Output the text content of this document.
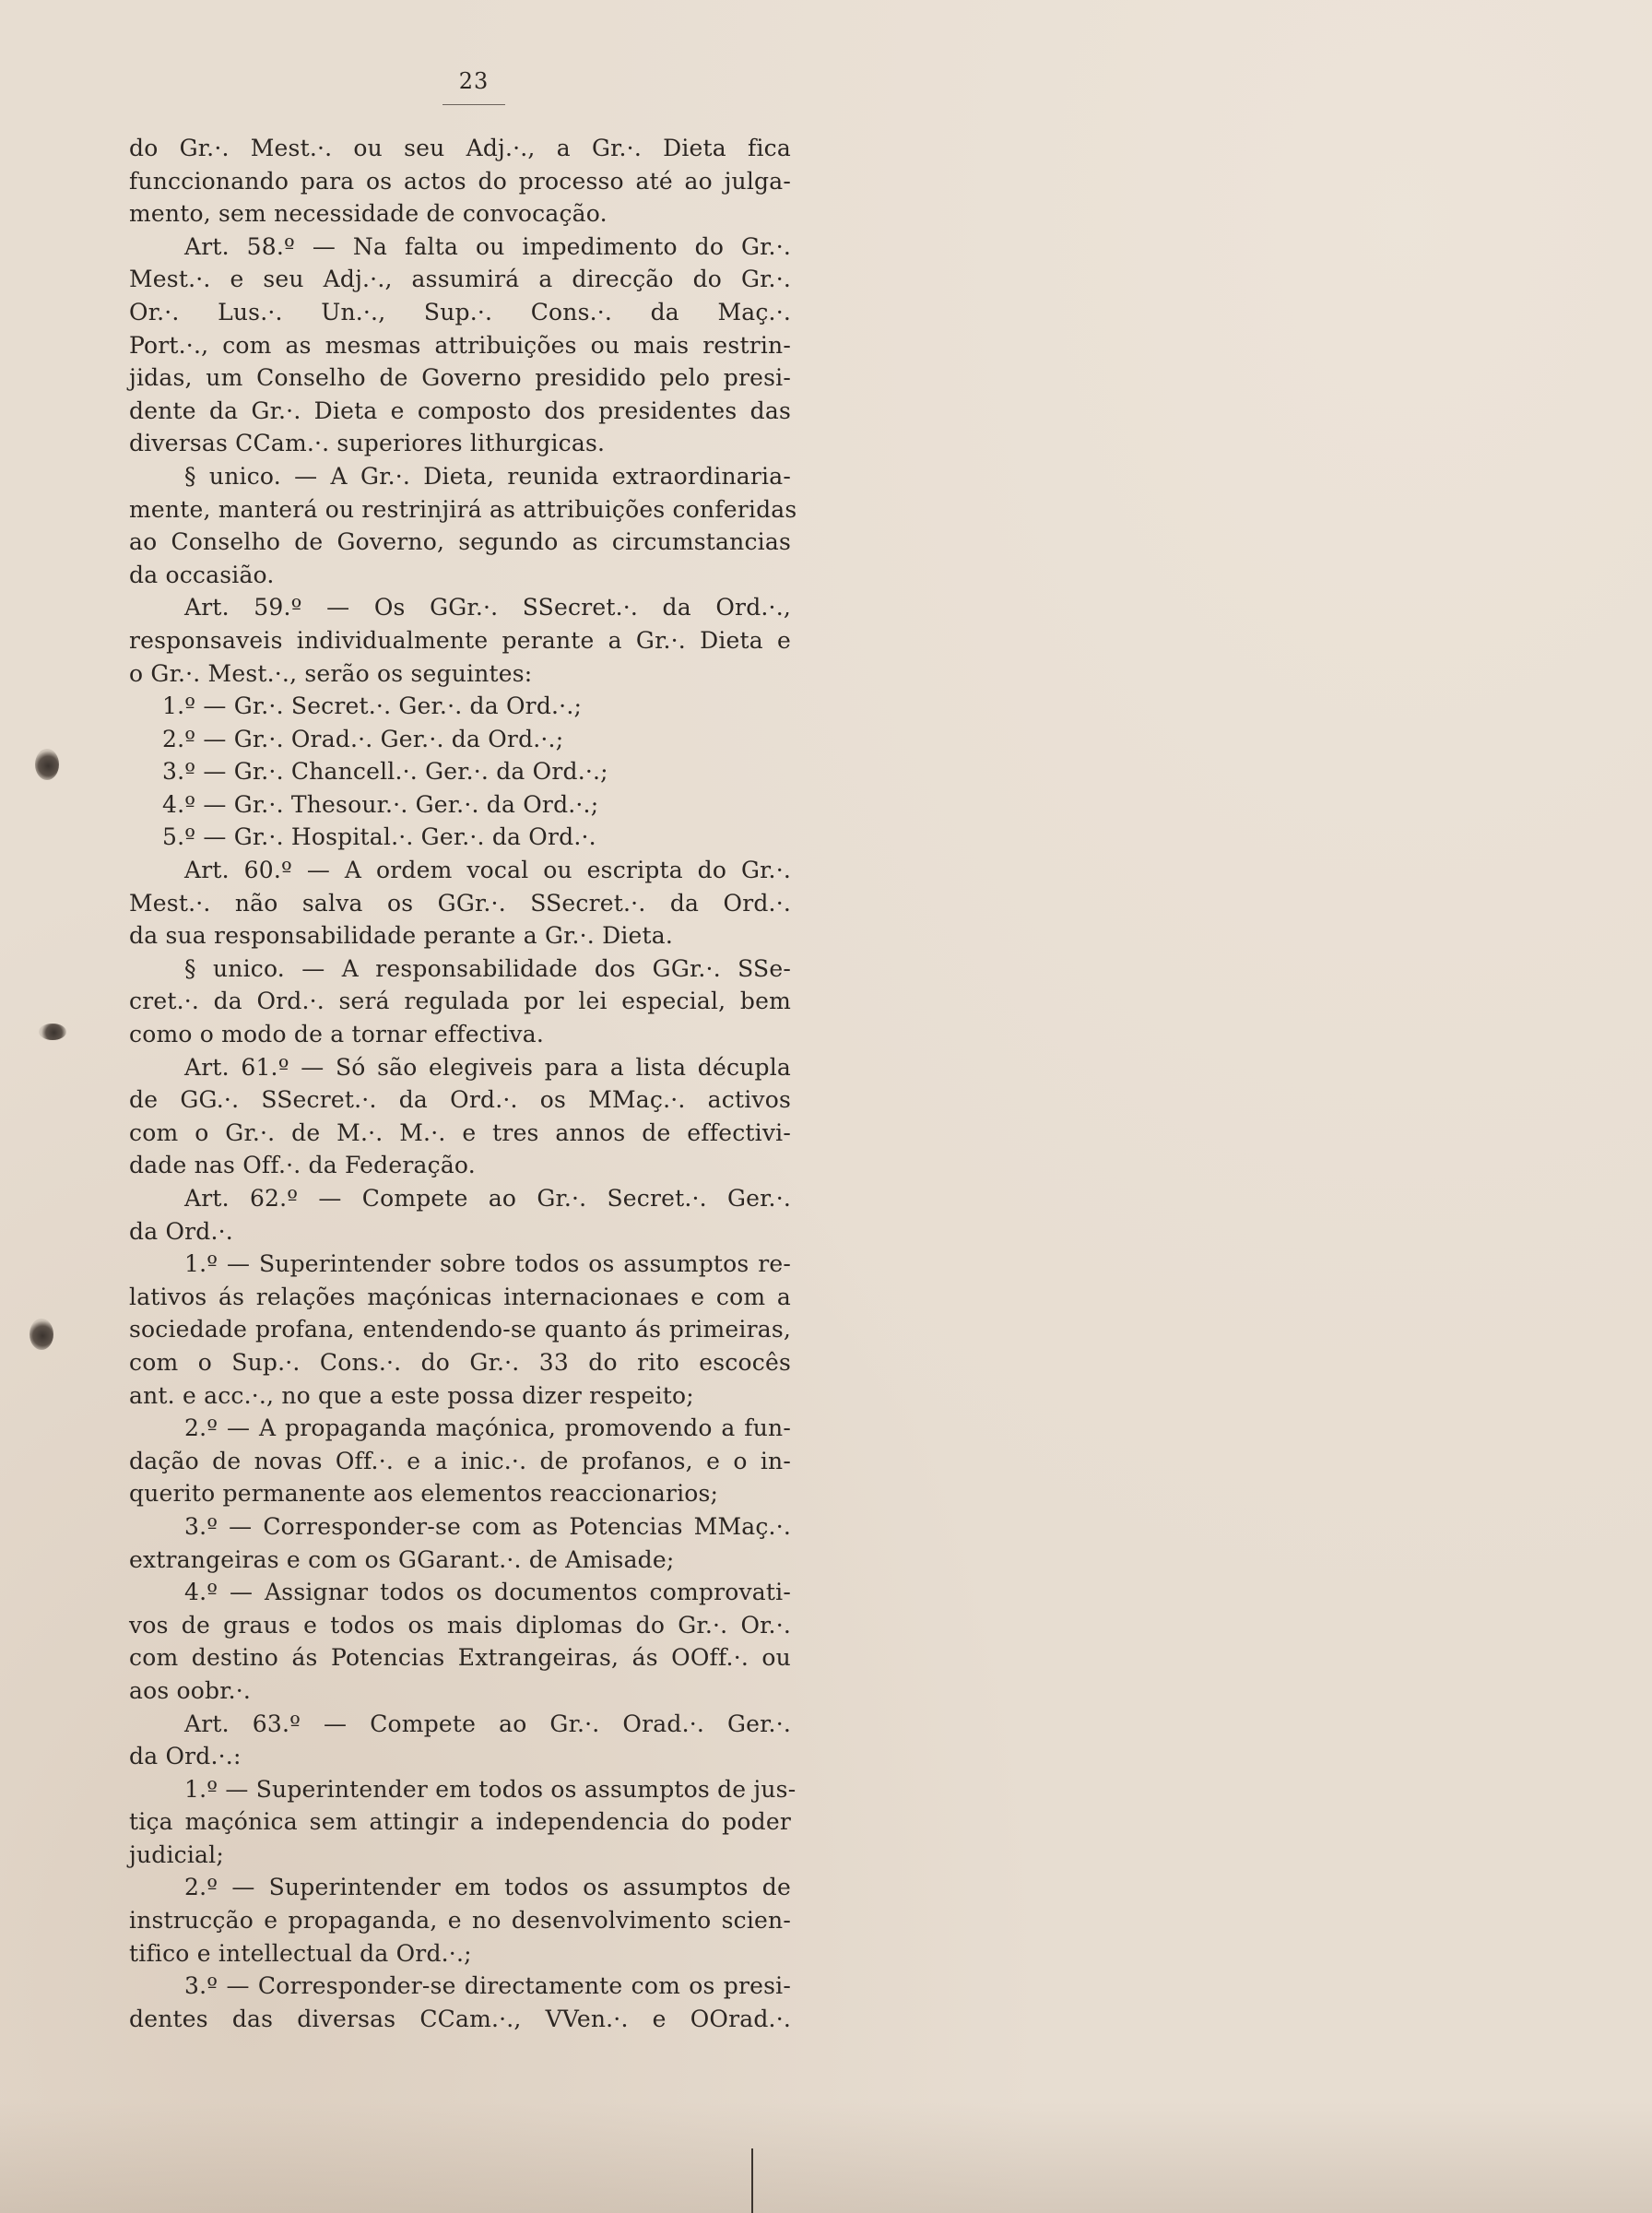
23
do Gr.·. Mest.·. ou seu Adj.·., a Gr.·. Dieta fica
funccionando para os actos do processo até ao julga-
mento, sem necessidade de convocação.
Art. 58.º — Na falta ou impedimento do Gr.·.
Mest.·. e seu Adj.·., assumirá a direcção do Gr.·.
Or.·. Lus.·. Un.·., Sup.·. Cons.·. da Maç.·.
Port.·., com as mesmas attribuições ou mais restrin-
jidas, um Conselho de Governo presidido pelo presi-
dente da Gr.·. Dieta e composto dos presidentes das
diversas CCam.·. superiores lithurgicas.
§ unico. — A Gr.·. Dieta, reunida extraordinaria-
mente, manterá ou restrinjirá as attribuições conferidas
ao Conselho de Governo, segundo as circumstancias
da occasião.
Art. 59.º — Os GGr.·. SSecret.·. da Ord.·.,
responsaveis individualmente perante a Gr.·. Dieta e
o Gr.·. Mest.·., serão os seguintes:
1.º — Gr.·. Secret.·. Ger.·. da Ord.·.;
2.º — Gr.·. Orad.·. Ger.·. da Ord.·.;
3.º — Gr.·. Chancell.·. Ger.·. da Ord.·.;
4.º — Gr.·. Thesour.·. Ger.·. da Ord.·.;
5.º — Gr.·. Hospital.·. Ger.·. da Ord.·.
Art. 60.º — A ordem vocal ou escripta do Gr.·.
Mest.·. não salva os GGr.·. SSecret.·. da Ord.·.
da sua responsabilidade perante a Gr.·. Dieta.
§ unico. — A responsabilidade dos GGr.·. SSe-
cret.·. da Ord.·. será regulada por lei especial, bem
como o modo de a tornar effectiva.
Art. 61.º — Só são elegiveis para a lista décupla
de GG.·. SSecret.·. da Ord.·. os MMaç.·. activos
com o Gr.·. de M.·. M.·. e tres annos de effectivi-
dade nas Off.·. da Federação.
Art. 62.º — Compete ao Gr.·. Secret.·. Ger.·.
da Ord.·.
1.º — Superintender sobre todos os assumptos re-
lativos ás relações maçónicas internacionaes e com a
sociedade profana, entendendo-se quanto ás primeiras,
com o Sup.·. Cons.·. do Gr.·. 33 do rito escocês
ant. e acc.·., no que a este possa dizer respeito;
2.º — A propaganda maçónica, promovendo a fun-
dação de novas Off.·. e a inic.·. de profanos, e o in-
querito permanente aos elementos reaccionarios;
3.º — Corresponder-se com as Potencias MMaç.·.
extrangeiras e com os GGarant.·. de Amisade;
4.º — Assignar todos os documentos comprovati-
vos de graus e todos os mais diplomas do Gr.·. Or.·.
com destino ás Potencias Extrangeiras, ás OOff.·. ou
aos oobr.·.
Art. 63.º — Compete ao Gr.·. Orad.·. Ger.·.
da Ord.·.:
1.º — Superintender em todos os assumptos de jus-
tiça maçónica sem attingir a independencia do poder
judicial;
2.º — Superintender em todos os assumptos de
instrucção e propaganda, e no desenvolvimento scien-
tifico e intellectual da Ord.·.;
3.º — Corresponder-se directamente com os presi-
dentes das diversas CCam.·., VVen.·. e OOrad.·.
